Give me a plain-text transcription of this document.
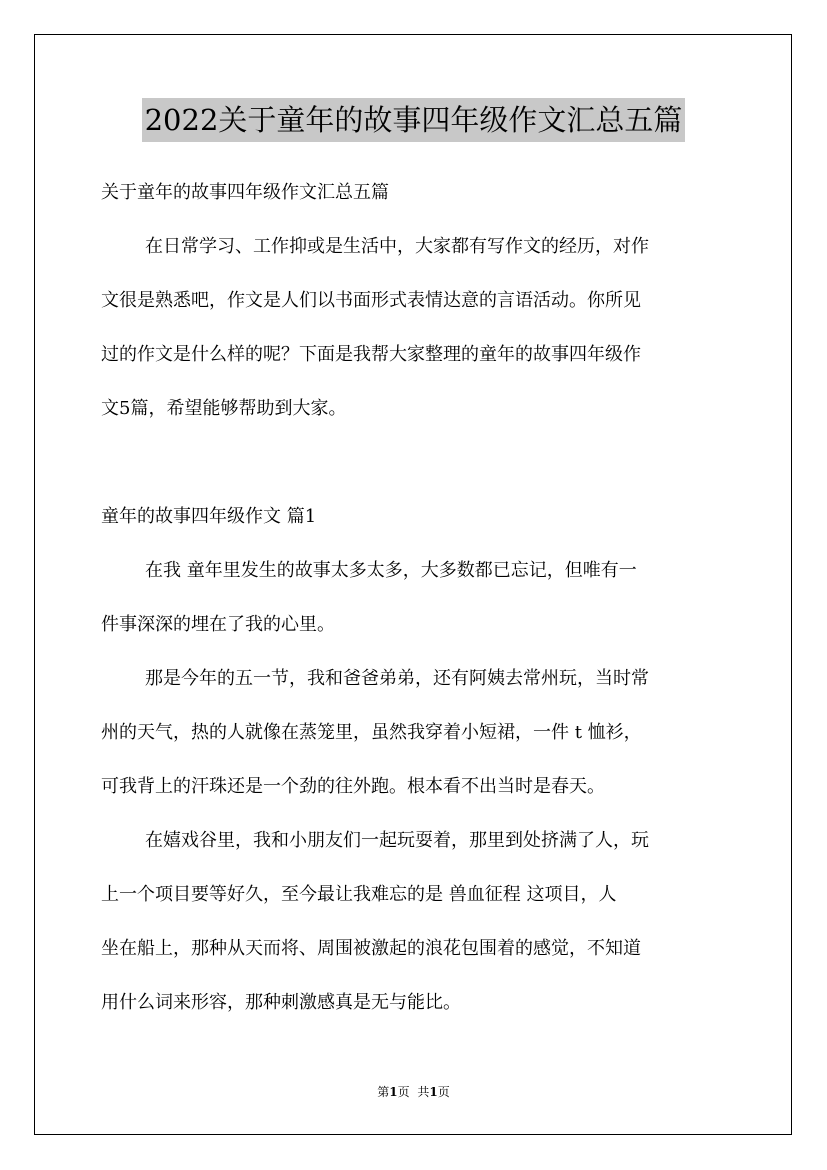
2022关于童年的故事四年级作文汇总五篇

关于童年的故事四年级作文汇总五篇

在日常学习、工作抑或是生活中，大家都有写作文的经历，对作

文很是熟悉吧，作文是人们以书面形式表情达意的言语活动。你所见

过的作文是什么样的呢？下面是我帮大家整理的童年的故事四年级作

文5篇，希望能够帮助到大家。

童年的故事四年级作文 篇1

在我 童年里发生的故事太多太多，大多数都已忘记，但唯有一

件事深深的埋在了我的心里。

那是今年的五一节，我和爸爸弟弟，还有阿姨去常州玩，当时常

州的天气，热的人就像在蒸笼里，虽然我穿着小短裙，一件 t 恤衫，

可我背上的汗珠还是一个劲的往外跑。根本看不出当时是春天。

在嬉戏谷里，我和小朋友们一起玩耍着，那里到处挤满了人，玩

上一个项目要等好久，至今最让我难忘的是 兽血征程 这项目，人

坐在船上，那种从天而将、周围被激起的浪花包围着的感觉，不知道

用什么词来形容，那种刺激感真是无与能比。

第1页 共1页
